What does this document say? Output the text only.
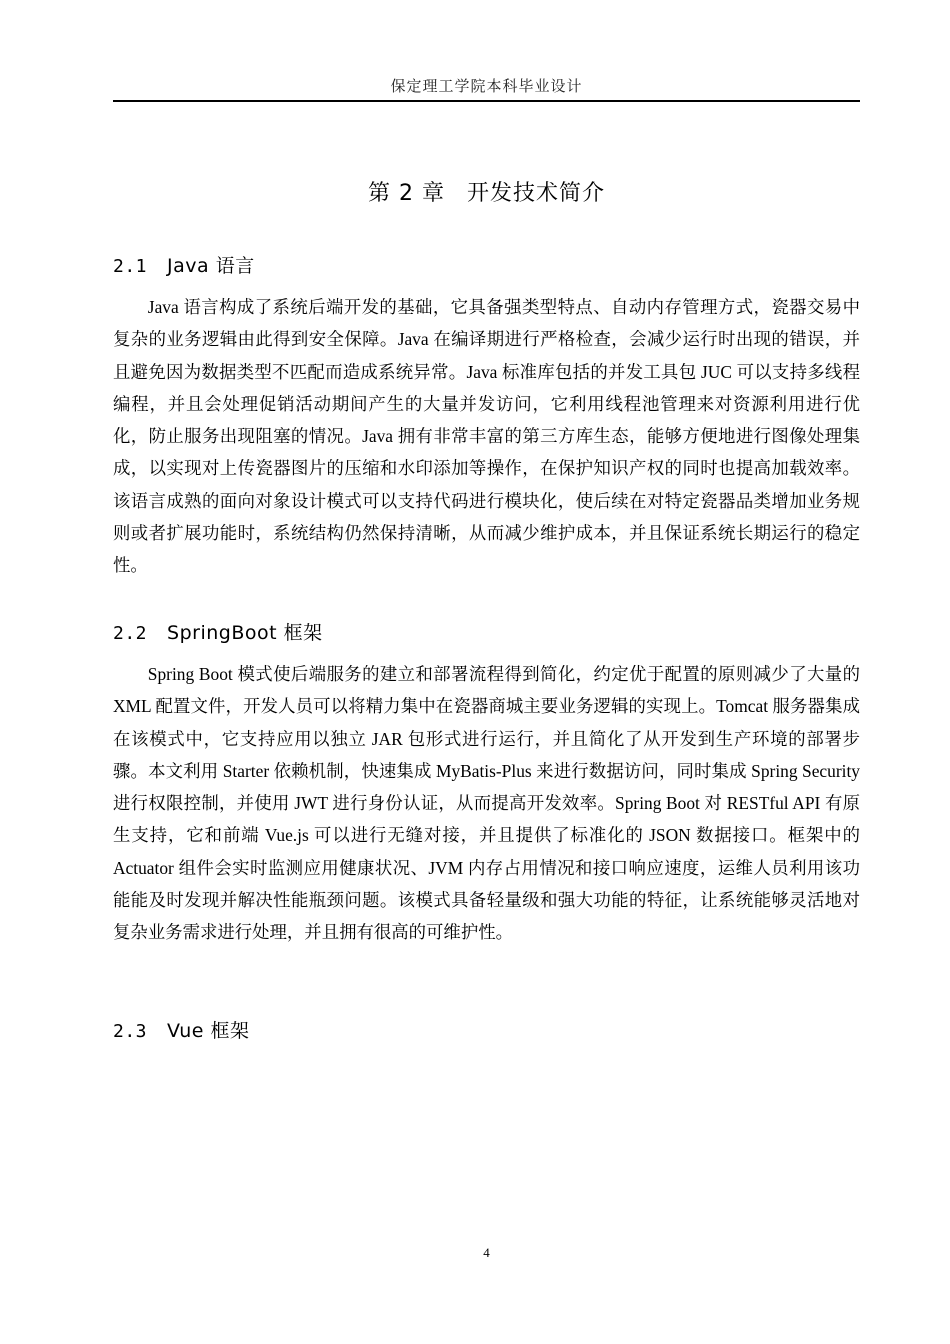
保定理工学院本科毕业设计
第 2 章 开发技术简介
2.1 Java 语言

Java 语言构成了系统后端开发的基础，它具备强类型特点、自动内存管理方式，瓷器交易中复杂的业务逻辑由此得到安全保障。Java 在编译期进行严格检查，会减少运行时出现的错误，并且避免因为数据类型不匹配而造成系统异常。Java 标准库包括的并发工具包 JUC 可以支持多线程编程，并且会处理促销活动期间产生的大量并发访问，它利用线程池管理来对资源利用进行优化，防止服务出现阻塞的情况。Java 拥有非常丰富的第三方库生态，能够方便地进行图像处理集成，以实现对上传瓷器图片的压缩和水印添加等操作，在保护知识产权的同时也提高加载效率。该语言成熟的面向对象设计模式可以支持代码进行模块化，使后续在对特定瓷器品类增加业务规则或者扩展功能时，系统结构仍然保持清晰，从而减少维护成本，并且保证系统长期运行的稳定性。

2.2 SpringBoot 框架

Spring Boot 模式使后端服务的建立和部署流程得到简化，约定优于配置的原则减少了大量的 XML 配置文件，开发人员可以将精力集中在瓷器商城主要业务逻辑的实现上。Tomcat 服务器集成在该模式中，它支持应用以独立 JAR 包形式进行运行，并且简化了从开发到生产环境的部署步骤。本文利用 Starter 依赖机制，快速集成 MyBatis-Plus 来进行数据访问，同时集成 Spring Security 进行权限控制，并使用 JWT 进行身份认证，从而提高开发效率。Spring Boot 对 RESTful API 有原生支持，它和前端 Vue.js 可以进行无缝对接，并且提供了标准化的 JSON 数据接口。框架中的 Actuator 组件会实时监测应用健康状况、JVM 内存占用情况和接口响应速度，运维人员利用该功能能及时发现并解决性能瓶颈问题。该模式具备轻量级和强大功能的特征，让系统能够灵活地对复杂业务需求进行处理，并且拥有很高的可维护性。

2.3 Vue 框架
4
